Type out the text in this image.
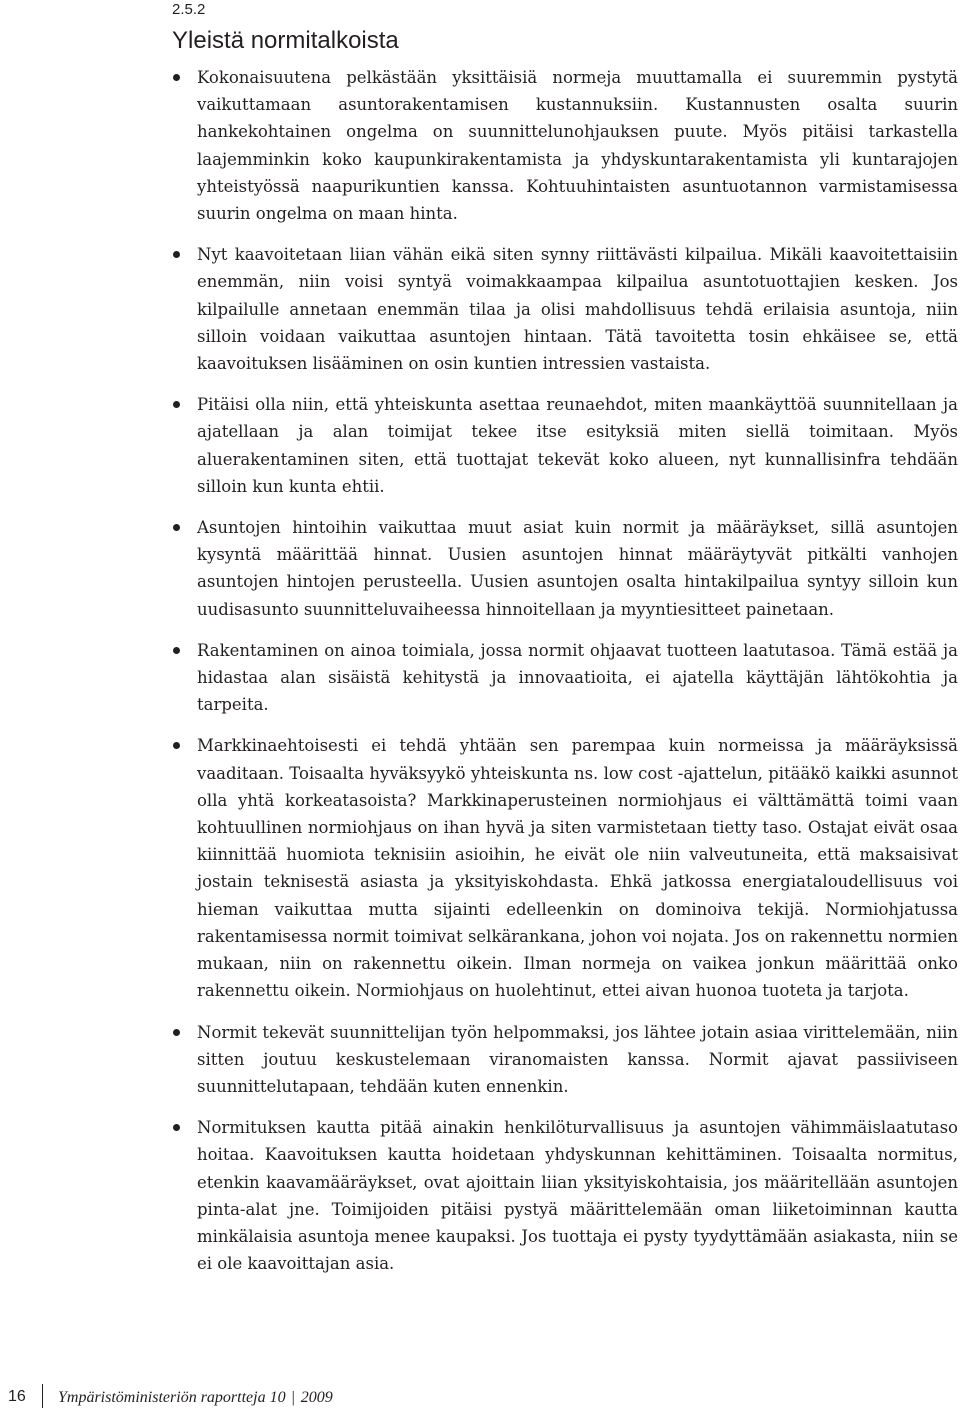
2.5.2
Yleistä normitalkoista
Kokonaisuutena pelkästään yksittäisiä normeja muuttamalla ei suuremmin pystytä vaikuttamaan asuntorakentamisen kustannuksiin. Kustannusten osalta suurin hankekohtainen ongelma on suunnittelunohjauksen puute. Myös pitäisi tarkastella laajemminkin koko kaupunkirakentamista ja yhdyskuntarakentamista yli kuntarajojen yhteistyössä naapurikuntien kanssa. Kohtuuhintaisten asuntuotannon varmistamisessa suurin ongelma on maan hinta.
Nyt kaavoitetaan liian vähän eikä siten synny riittävästi kilpailua. Mikäli kaavoitettaisiin enemmän, niin voisi syntyä voimakkaampaa kilpailua asuntotuottajien kesken. Jos kilpailulle annetaan enemmän tilaa ja olisi mahdollisuus tehdä erilaisia asuntoja, niin silloin voidaan vaikuttaa asuntojen hintaan. Tätä tavoitetta tosin ehkäisee se, että kaavoituksen lisääminen on osin kuntien intressien vastaista.
Pitäisi olla niin, että yhteiskunta asettaa reunaehdot, miten maankäyttöä suunnitellaan ja ajatellaan ja alan toimijat tekee itse esityksiä miten siellä toimitaan. Myös aluerakentaminen siten, että tuottajat tekevät koko alueen, nyt kunnallisinfra tehdään silloin kun kunta ehtii.
Asuntojen hintoihin vaikuttaa muut asiat kuin normit ja määräykset, sillä asuntojen kysyntä määrittää hinnat. Uusien asuntojen hinnat määräytyvät pitkälti vanhojen asuntojen hintojen perusteella. Uusien asuntojen osalta hintakilpailua syntyy silloin kun uudisasunto suunnitteluvaiheessa hinnoitellaan ja myyntiesitteet painetaan.
Rakentaminen on ainoa toimiala, jossa normit ohjaavat tuotteen laatutasoa. Tämä estää ja hidastaa alan sisäistä kehitystä ja innovaatioita, ei ajatella käyttäjän lähtökohtia ja tarpeita.
Markkinaehtoisesti ei tehdä yhtään sen parempaa kuin normeissa ja määräyksissä vaaditaan. Toisaalta hyväksyykö yhteiskunta ns. low cost -ajattelun, pitääkö kaikki asunnot olla yhtä korkeatasoista? Markkinaperusteinen normiohjaus ei välttämättä toimi vaan kohtuullinen normiohjaus on ihan hyvä ja siten varmistetaan tietty taso. Ostajat eivät osaa kiinnittää huomiota teknisiin asioihin, he eivät ole niin valveutuneita, että maksaisivat jostain teknisestä asiasta ja yksityiskohdasta. Ehkä jatkossa energiataloudellisuus voi hieman vaikuttaa mutta sijainti edelleenkin on dominoiva tekijä. Normiohjatussa rakentamisessa normit toimivat selkärankana, johon voi nojata. Jos on rakennettu normien mukaan, niin on rakennettu oikein. Ilman normeja on vaikea jonkun määrittää onko rakennettu oikein. Normiohjaus on huolehtinut, ettei aivan huonoa tuoteta ja tarjota.
Normit tekevät suunnittelijan työn helpommaksi, jos lähtee jotain asiaa virittelemään, niin sitten joutuu keskustelemaan viranomaisten kanssa. Normit ajavat passiiviseen suunnittelutapaan, tehdään kuten ennenkin.
Normituksen kautta pitää ainakin henkilöturvallisuus ja asuntojen vähimmäislaatutaso hoitaa. Kaavoituksen kautta hoidetaan yhdyskunnan kehittäminen. Toisaalta normitus, etenkin kaavamääräykset, ovat ajoittain liian yksityiskohtaisia, jos määritellään asuntojen pinta-alat jne. Toimijoiden pitäisi pystyä määrittelemään oman liiketoiminnan kautta minkälaisia asuntoja menee kaupaksi. Jos tuottaja ei pysty tyydyttämään asiakasta, niin se ei ole kaavoittajan asia.
16 Ympäristöministeriön raportteja 10 | 2009
